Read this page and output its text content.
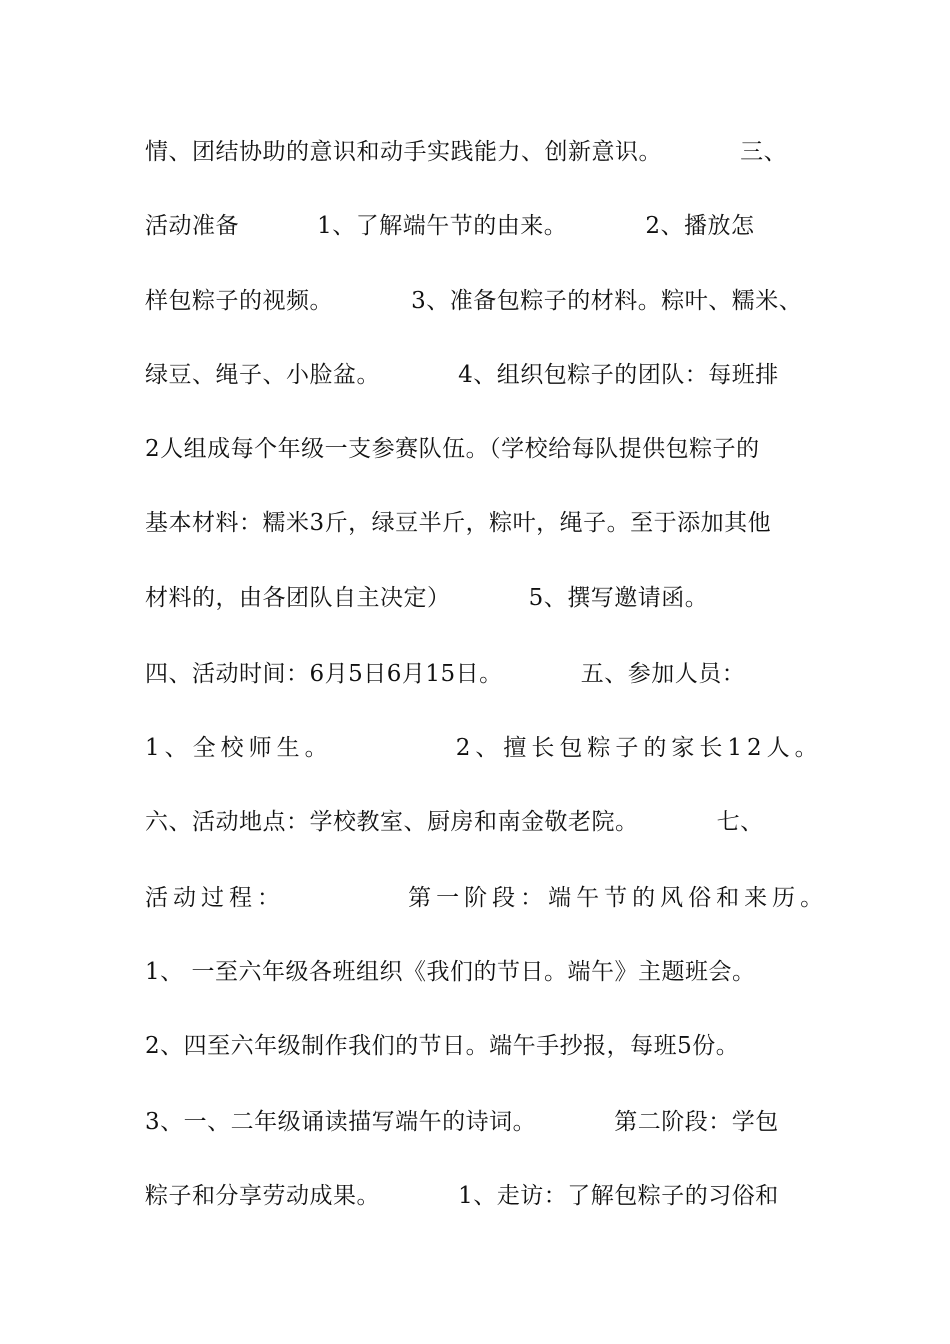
情、团结协助的意识和动手实践能力、创新意识。          三、
活动准备          1、了解端午节的由来。          2、播放怎
样包粽子的视频。          3、准备包粽子的材料。粽叶、糯米、
绿豆、绳子、小脸盆。          4、组织包粽子的团队：每班排
2人组成每个年级一支参赛队伍。（学校给每队提供包粽子的
基本材料：糯米3斤，绿豆半斤，粽叶，绳子。至于添加其他
材料的，由各团队自主决定）          5、撰写邀请函。
四、活动时间：6月5日6月15日。          五、参加人员：
1、全校师生。          2、擅长包粽子的家长12人。
六、活动地点：学校教室、厨房和南金敬老院。          七、
活动过程：          第一阶段：端午节的风俗和来历。
1、 一至六年级各班组织《我们的节日。端午》主题班会。
2、四至六年级制作我们的节日。端午手抄报，每班5份。
3、一、二年级诵读描写端午的诗词。          第二阶段：学包
粽子和分享劳动成果。          1、走访：了解包粽子的习俗和
